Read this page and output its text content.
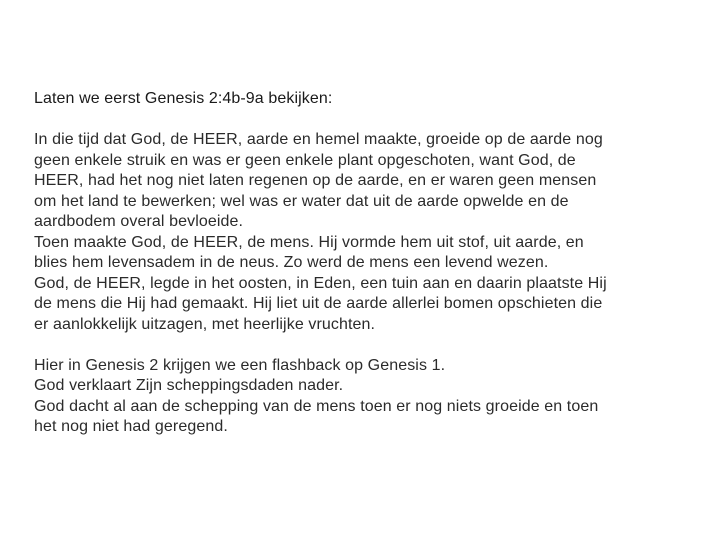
Laten we eerst Genesis 2:4b-9a bekijken:
In die tijd dat God, de HEER, aarde en hemel maakte, groeide op de aarde nog
geen enkele struik en was er geen enkele plant opgeschoten, want God, de
HEER, had het nog niet laten regenen op de aarde, en er waren geen mensen
om het land te bewerken; wel was er water dat uit de aarde opwelde en de
aardbodem overal bevloeide.
Toen maakte God, de HEER, de mens. Hij vormde hem uit stof, uit aarde, en
blies hem levensadem in de neus. Zo werd de mens een levend wezen.
God, de HEER, legde in het oosten, in Eden, een tuin aan en daarin plaatste Hij
de mens die Hij had gemaakt. Hij liet uit de aarde allerlei bomen opschieten die
er aanlokkelijk uitzagen, met heerlijke vruchten.
Hier in Genesis 2 krijgen we een flashback op Genesis 1.
God verklaart Zijn scheppingsdaden nader.
God dacht al aan de schepping van de mens toen er nog niets groeide en toen
het nog niet had geregend.
